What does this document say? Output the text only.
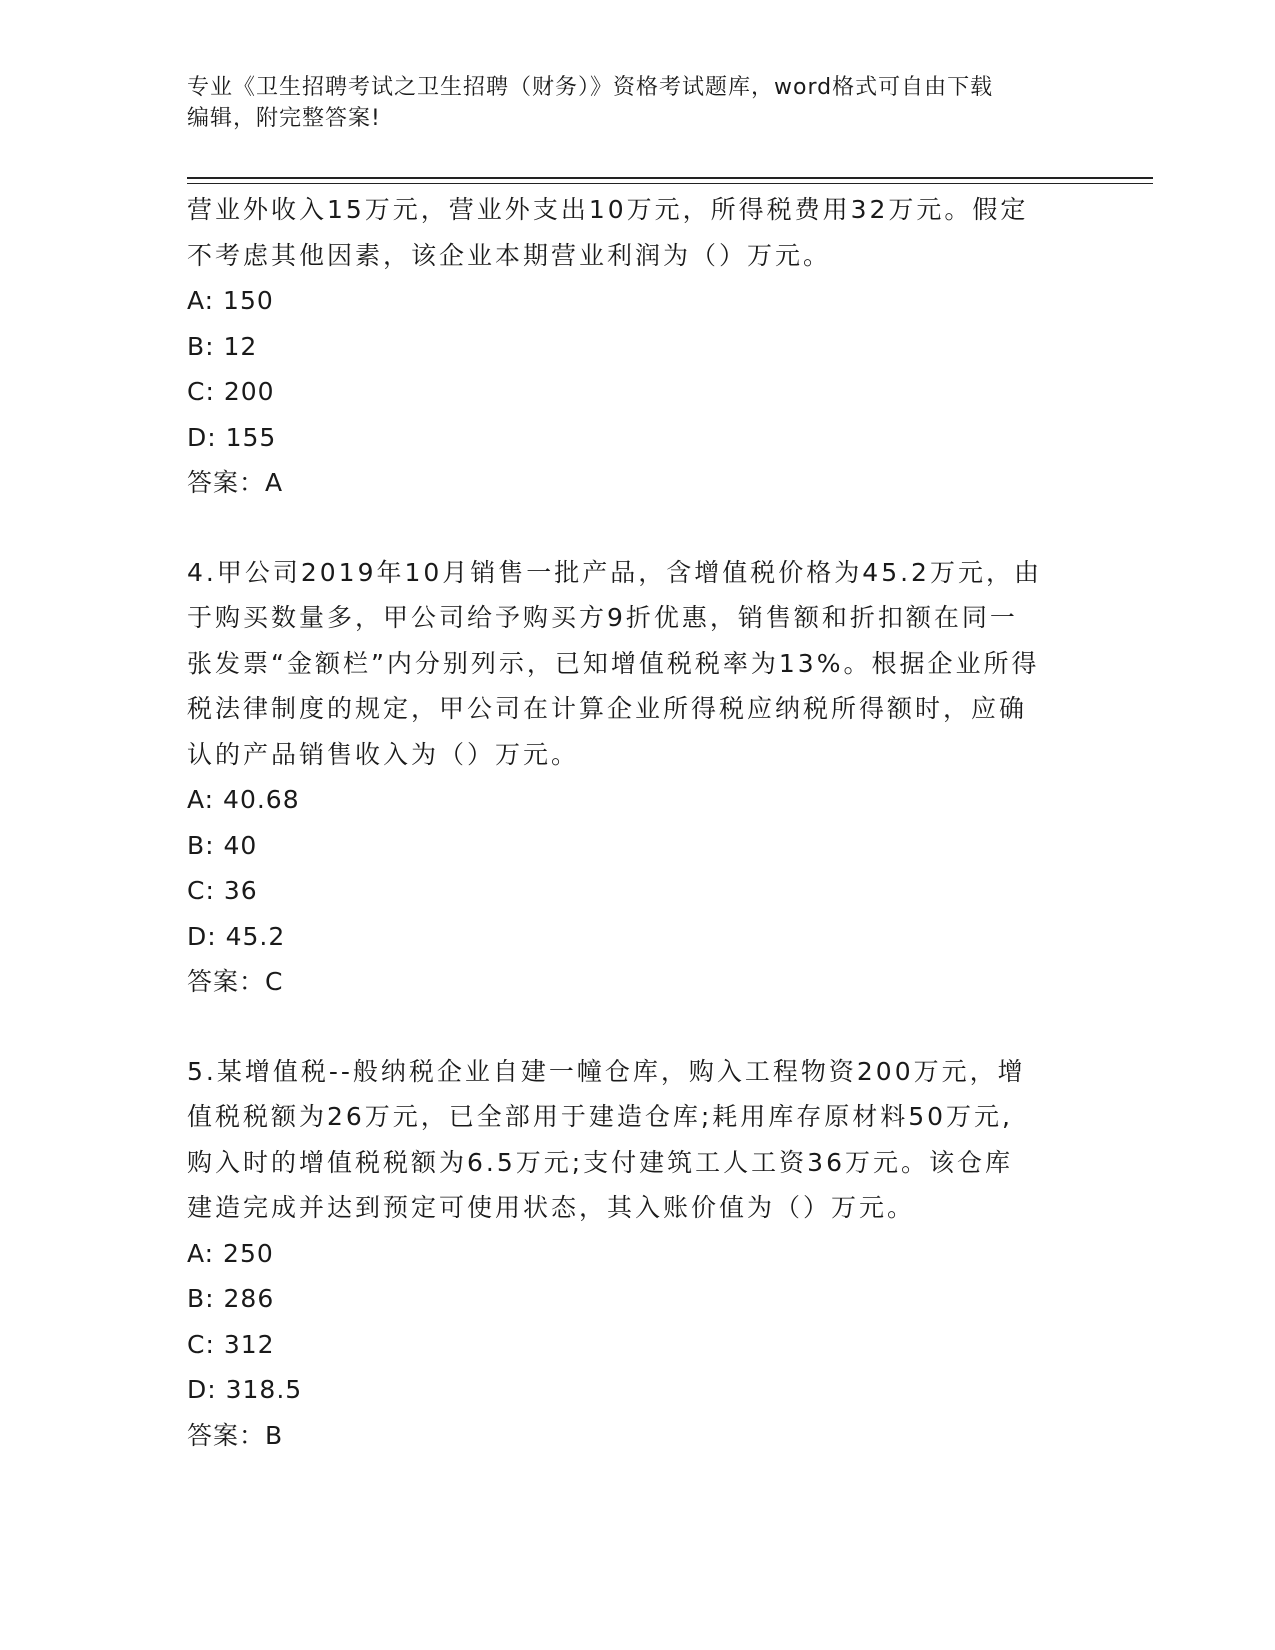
专业《卫生招聘考试之卫生招聘（财务）》资格考试题库，word格式可自由下载
编辑，附完整答案!

营业外收入15万元，营业外支出10万元，所得税费用32万元。假定

不考虑其他因素，该企业本期营业利润为（）万元。

A: 150

B: 12

C: 200

D: 155

答案：A

4.甲公司2019年10月销售一批产品，含增值税价格为45.2万元，由

于购买数量多，甲公司给予购买方9折优惠，销售额和折扣额在同一

张发票“金额栏”内分别列示，已知增值税税率为13%。根据企业所得

税法律制度的规定，甲公司在计算企业所得税应纳税所得额时，应确

认的产品销售收入为（）万元。

A: 40.68

B: 40

C: 36

D: 45.2

答案：C

5.某增值税--般纳税企业自建一幢仓库，购入工程物资200万元，增

值税税额为26万元，已全部用于建造仓库;耗用库存原材料50万元,

购入时的增值税税额为6.5万元;支付建筑工人工资36万元。该仓库

建造完成并达到预定可使用状态，其入账价值为（）万元。

A: 250

B: 286

C: 312

D: 318.5

答案：B
